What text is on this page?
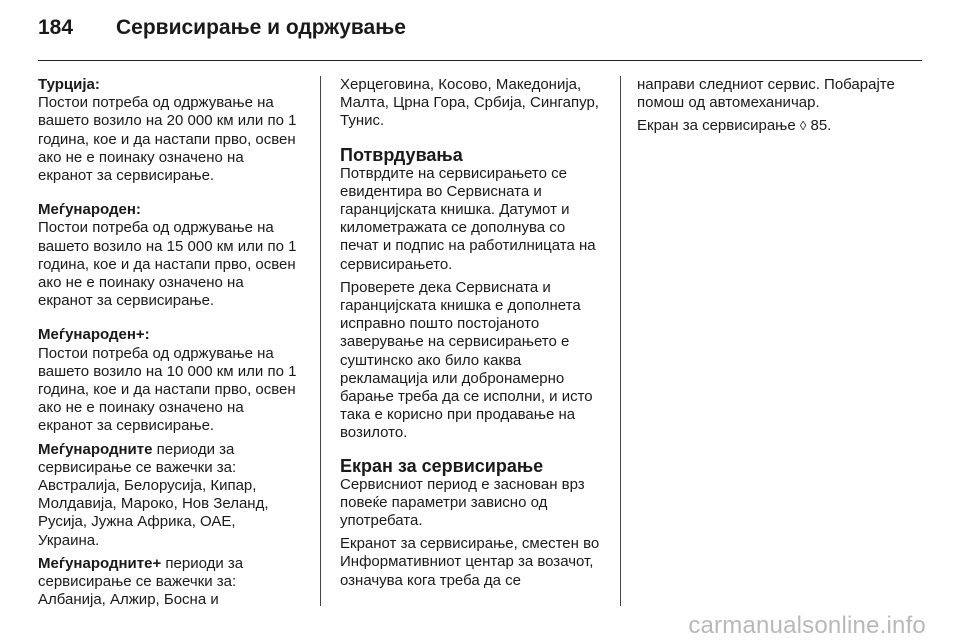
184	Сервисирање и одржување

Турција:

Постои потреба од одржување на вашето возило на 20 000 км или по 1 година, кое и да настапи прво, освен ако не е поинаку означено на екранот за сервисирање.

Меѓународен:

Постои потреба од одржување на вашето возило на 15 000 км или по 1 година, кое и да настапи прво, освен ако не е поинаку означено на екранот за сервисирање.

Меѓународен+:

Постои потреба од одржување на вашето возило на 10 000 км или по 1 година, кое и да настапи прво, освен ако не е поинаку означено на екранот за сервисирање.

Меѓународните периоди за сервисирање се важечки за: Австралија, Белорусија, Кипар, Молдавија, Мароко, Нов Зеланд, Русија, Јужна Африка, ОАЕ, Украина.

Меѓународните+ периоди за сервисирање се важечки за: Албанија, Алжир, Босна и

Херцеговина, Косово, Македонија, Малта, Црна Гора, Србија, Сингапур, Тунис.

Потврдувања

Потврдите на сервисирањето се евидентира во Сервисната и гаранцијската книшка. Датумот и километражата се дополнува со печат и подпис на работилницата на сервисирањето.

Проверете дека Сервисната и гаранцијската книшка е дополнета исправно пошто постојаното заверување на сервисирањето е суштинско ако било каква рекламација или добронамерно барање треба да се исполни, и исто така е корисно при продавање на возилото.

Екран за сервисирање

Сервисниот период е заснован врз повеќе параметри зависно од употребата.

Екранот за сервисирање, сместен во Информативниот центар за возачот, означува кога треба да се

направи следниот сервис. Побарајте помош од автомеханичар.

Екран за сервисирање ◊ 85.

carmanualsonline.info
